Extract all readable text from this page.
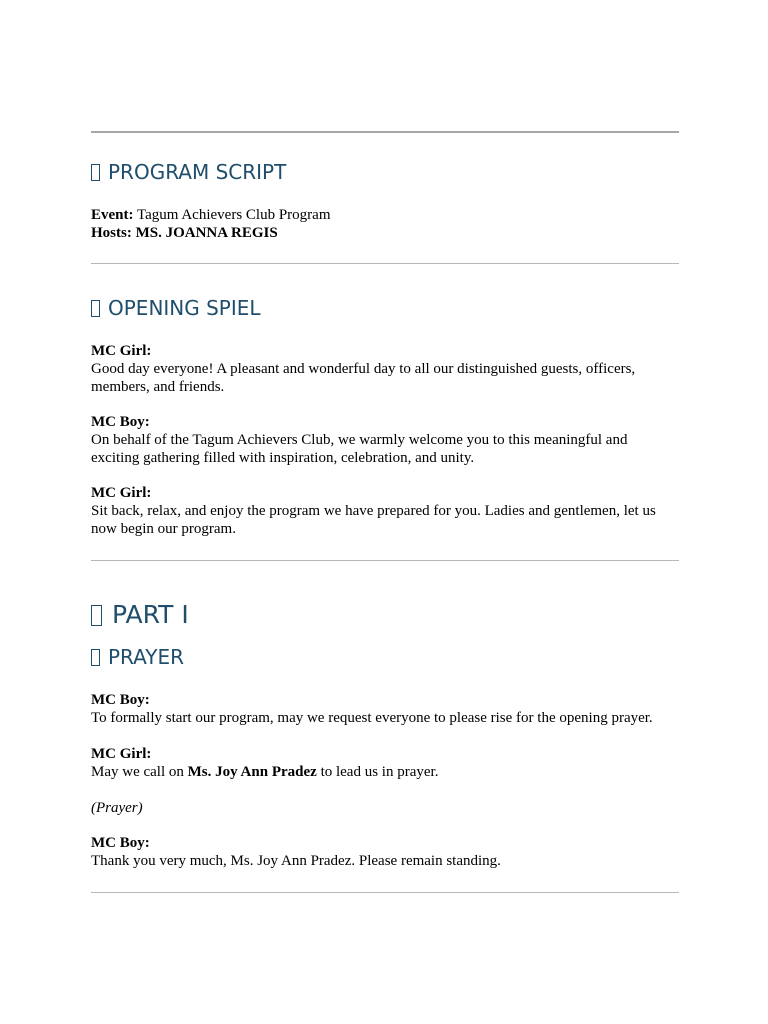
PROGRAM SCRIPT

Event: Tagum Achievers Club Program

Hosts: MS. JOANNA REGIS

OPENING SPIEL

MC Girl:

Good day everyone! A pleasant and wonderful day to all our distinguished guests, officers, members, and friends.

MC Boy:

On behalf of the Tagum Achievers Club, we warmly welcome you to this meaningful and exciting gathering filled with inspiration, celebration, and unity.

MC Girl:

Sit back, relax, and enjoy the program we have prepared for you. Ladies and gentlemen, let us now begin our program.

PART I
PRAYER

MC Boy:

To formally start our program, may we request everyone to please rise for the opening prayer.

MC Girl:

May we call on Ms. Joy Ann Pradez to lead us in prayer.

(Prayer)

MC Boy:

Thank you very much, Ms. Joy Ann Pradez. Please remain standing.
